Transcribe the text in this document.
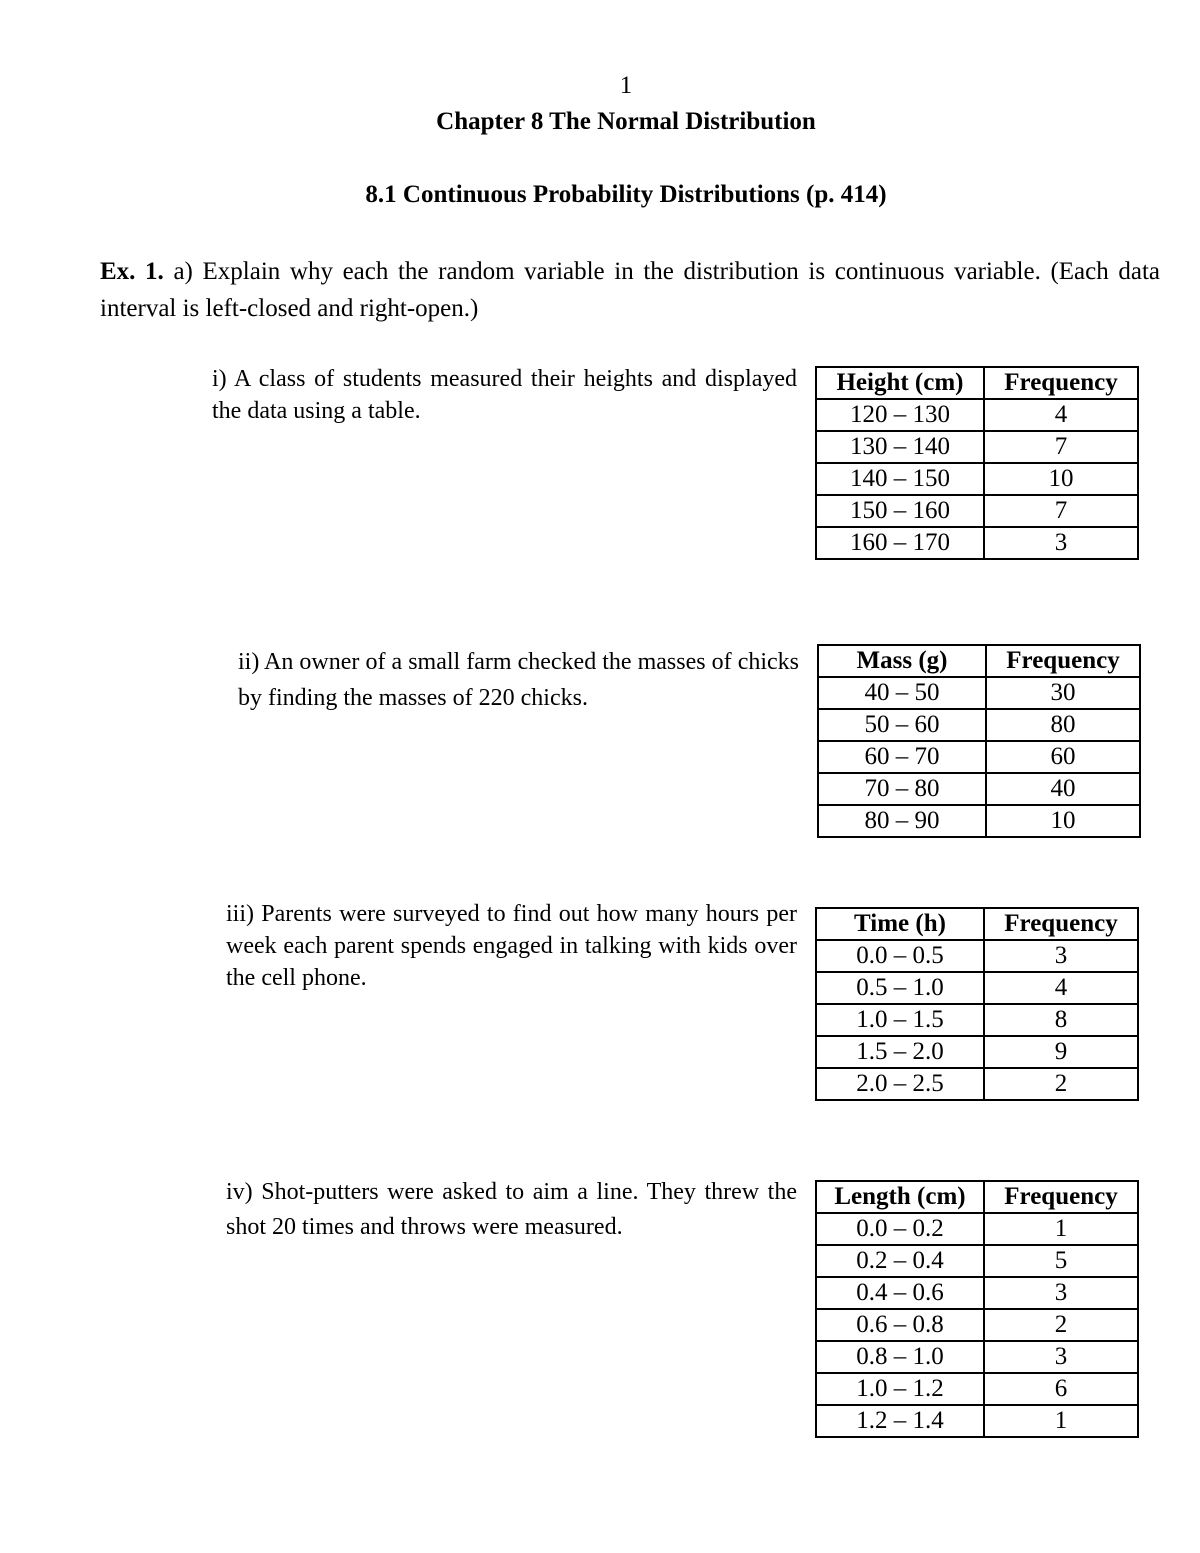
1
Chapter 8 The Normal Distribution
8.1 Continuous Probability Distributions (p. 414)
Ex. 1. a) Explain why each the random variable in the distribution is continuous variable. (Each data interval is left-closed and right-open.)
i) A class of students measured their heights and displayed the data using a table.
Height (cm)	Frequency
120 – 130	4
130 – 140	7
140 – 150	10
150 – 160	7
160 – 170	3
ii) An owner of a small farm checked the masses of chicks by finding the masses of 220 chicks.
Mass (g)	Frequency
40 – 50	30
50 – 60	80
60 – 70	60
70 – 80	40
80 – 90	10
iii) Parents were surveyed to find out how many hours per week each parent spends engaged in talking with kids over the cell phone.
Time (h)	Frequency
0.0 – 0.5	3
0.5 – 1.0	4
1.0 – 1.5	8
1.5 – 2.0	9
2.0 – 2.5	2
iv) Shot-putters were asked to aim a line. They threw the shot 20 times and throws were measured.
Length (cm)	Frequency
0.0 – 0.2	1
0.2 – 0.4	5
0.4 – 0.6	3
0.6 – 0.8	2
0.8 – 1.0	3
1.0 – 1.2	6
1.2 – 1.4	1
